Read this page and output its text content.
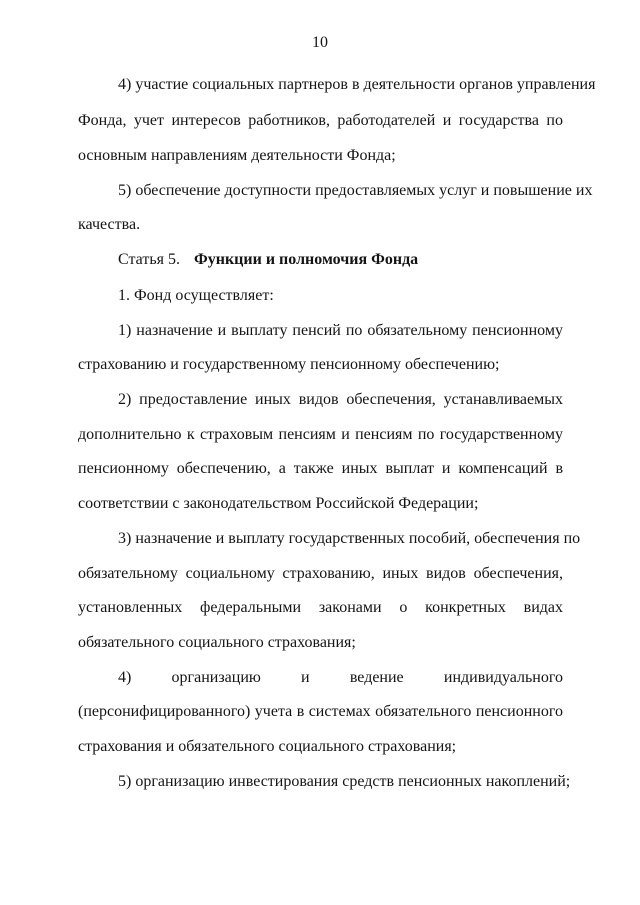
10
4) участие социальных партнеров в деятельности органов управления
Фонда, учет интересов работников, работодателей и государства по
основным направлениям деятельности Фонда;
5) обеспечение доступности предоставляемых услуг и повышение их
качества.
Статья 5. Функции и полномочия Фонда
1. Фонд осуществляет:
1) назначение и выплату пенсий по обязательному пенсионному
страхованию и государственному пенсионному обеспечению;
2) предоставление иных видов обеспечения, устанавливаемых
дополнительно к страховым пенсиям и пенсиям по государственному
пенсионному обеспечению, а также иных выплат и компенсаций в
соответствии с законодательством Российской Федерации;
3) назначение и выплату государственных пособий, обеспечения по
обязательному социальному страхованию, иных видов обеспечения,
установленных федеральными законами о конкретных видах
обязательного социального страхования;
4) организацию и ведение индивидуального
(персонифицированного) учета в системах обязательного пенсионного
страхования и обязательного социального страхования;
5) организацию инвестирования средств пенсионных накоплений;
